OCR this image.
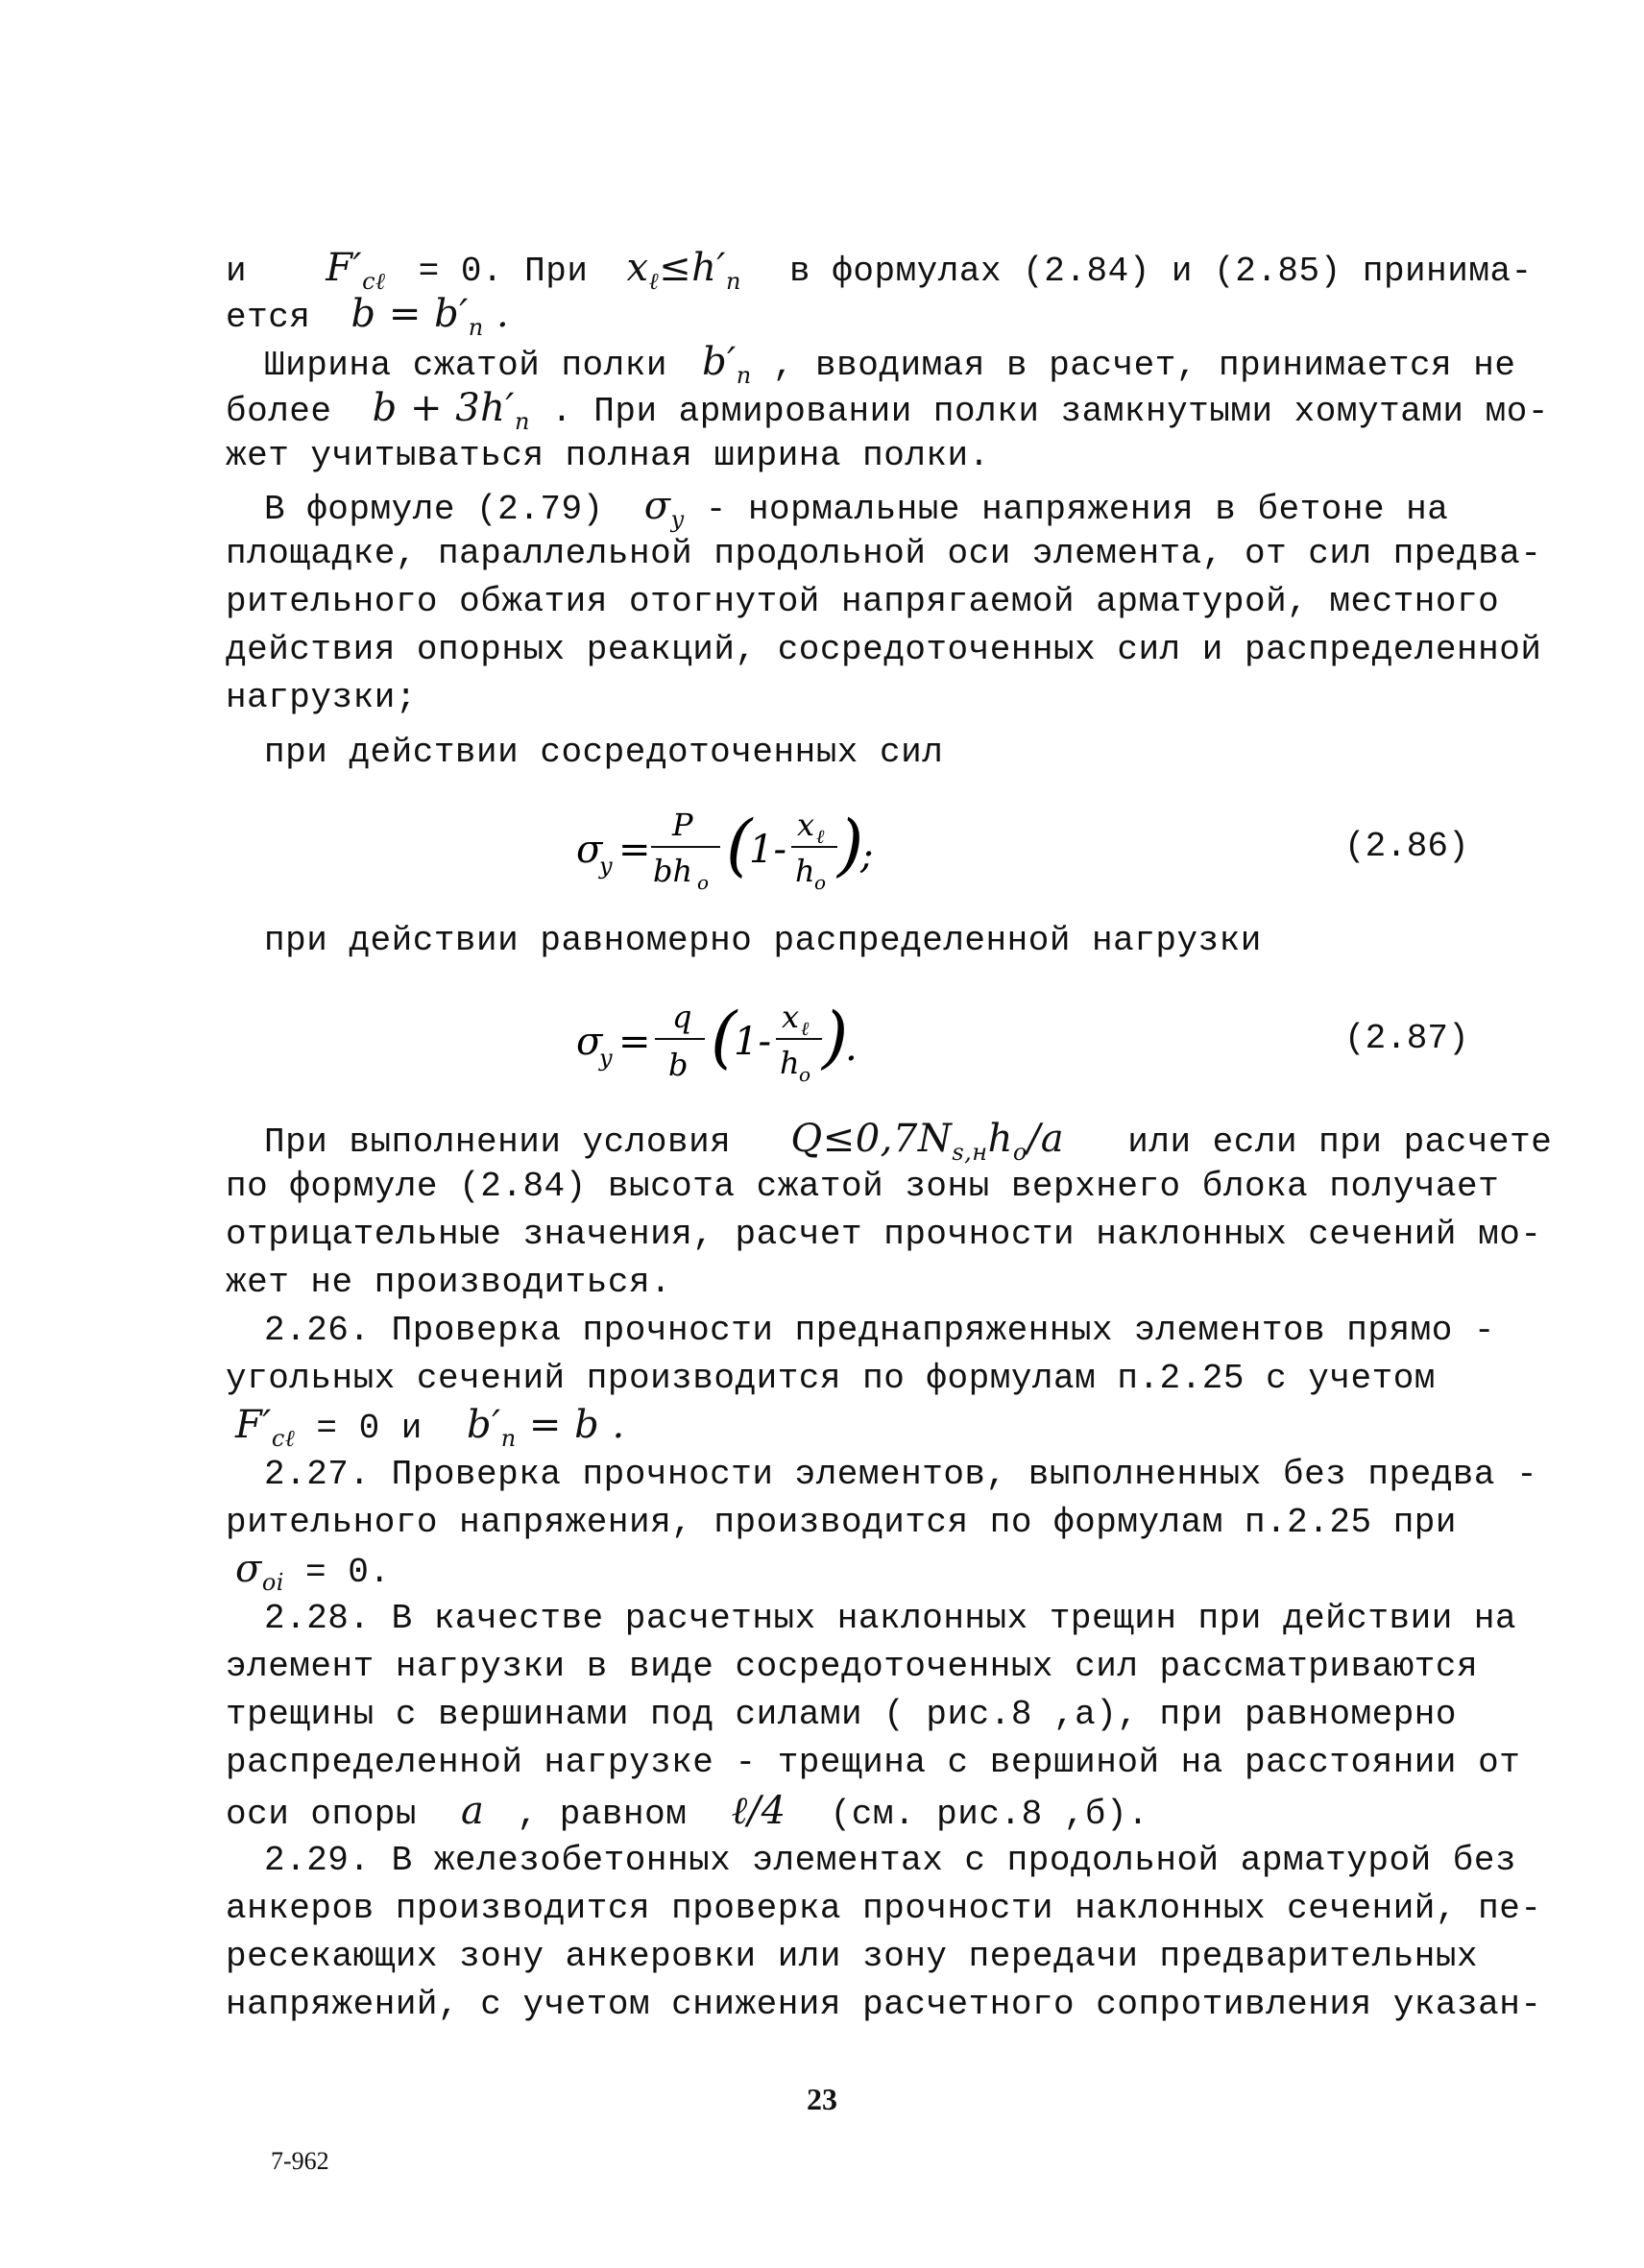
и $F'_{c\ell} = 0$. При $x_\ell\le h'_n$ в формулах (2.84) и (2.85) принима-
ется $b = b'_n$ .
Ширина сжатой полки $b'_n$ , вводимая в расчет, принимается не
более $b + 3h'_n$ . При армировании полки замкнутыми хомутами мо-
жет учитываться полная ширина полки.
В формуле (2.79) $\sigma_y$ - нормальные напряжения в бетоне на
площадке, параллельной продольной оси элемента, от сил предва-
рительного обжатия отогнутой напрягаемой арматурой, местного
действия опорных реакций, сосредоточенных сил и распределенной
нагрузки;
при действии сосредоточенных сил
σ
y =
P
bh o (
1-
x ℓ
h o )
;	(2.86)
при действии равномерно распределенной нагрузки
σ
y =
q
b (
1-
x ℓ
h o )
.	(2.87)
При выполнении условия $Q\le 0,7N_{s,н}h_o/a$ или если при расчете
по формуле (2.84) высота сжатой зоны верхнего блока получает
отрицательные значения, расчет прочности наклонных сечений мо-
жет не производиться.
2.26. Проверка прочности преднапряженных элементов прямо -
угольных сечений производится по формулам п.2.25 с учетом
$F'_{c\ell} = 0$ и $b'_n = b$ .
2.27. Проверка прочности элементов, выполненных без предва -
рительного напряжения, производится по формулам п.2.25 при
$\sigma_{oi} = 0$.
2.28. В качестве расчетных наклонных трещин при действии на
элемент нагрузки в виде сосредоточенных сил рассматриваются
трещины с вершинами под силами ( рис.8 ,а), при равномерно
распределенной нагрузке - трещина с вершиной на расстоянии от
оси опоры a , равном ℓ/4 (см. рис.8 ,б).
2.29. В железобетонных элементах с продольной арматурой без
анкеров производится проверка прочности наклонных сечений, пе-
ресекающих зону анкеровки или зону передачи предварительных
напряжений, с учетом снижения расчетного сопротивления указан-
23
7-962
